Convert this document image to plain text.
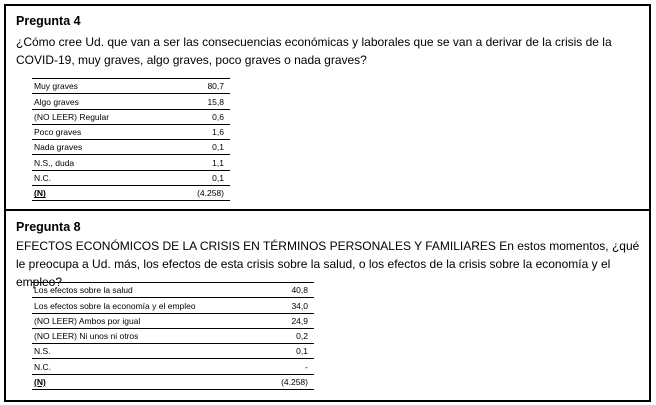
Pregunta 4
¿Cómo cree Ud. que van a ser las consecuencias económicas y laborales que se van a derivar de la crisis de la COVID-19, muy graves, algo graves, poco graves o nada graves?
Muy graves	80,7
Algo graves	15,8
(NO LEER) Regular	0,6
Poco graves	1,6
Nada graves	0,1
N.S., duda	1,1
N.C.	0,1
(N)	(4.258)
Pregunta 8
EFECTOS ECONÓMICOS DE LA CRISIS EN TÉRMINOS PERSONALES Y FAMILIARES En estos momentos, ¿qué le preocupa a Ud. más, los efectos de esta crisis sobre la salud, o los efectos de la crisis sobre la economía y el empleo?
Los efectos sobre la salud	40,8
Los efectos sobre la economía y el empleo	34,0
(NO LEER) Ambos por igual	24,9
(NO LEER) Ni unos ni otros	0,2
N.S.	0,1
N.C.	-
(N)	(4.258)
